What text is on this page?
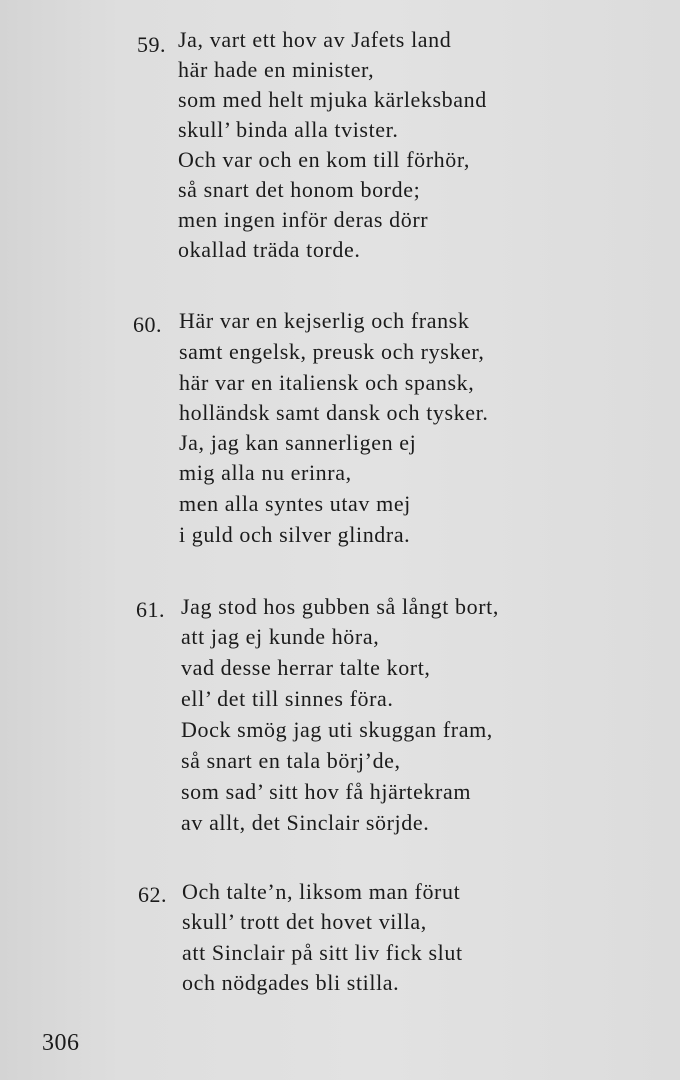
59. Ja, vart ett hov av Jafets land
här hade en minister,
som med helt mjuka kärleksband
skull’ binda alla tvister.
Och var och en kom till förhör,
så snart det honom borde;
men ingen inför deras dörr
okallad träda torde.
60. Här var en kejserlig och fransk
samt engelsk, preusk och rysker,
här var en italiensk och spansk,
holländsk samt dansk och tysker.
Ja, jag kan sannerligen ej
mig alla nu erinra,
men alla syntes utav mej
i guld och silver glindra.
61. Jag stod hos gubben så långt bort,
att jag ej kunde höra,
vad desse herrar talte kort,
ell’ det till sinnes föra.
Dock smög jag uti skuggan fram,
så snart en tala börj’de,
som sad’ sitt hov få hjärtekram
av allt, det Sinclair sörjde.
62. Och talte’n, liksom man förut
skull’ trott det hovet villa,
att Sinclair på sitt liv fick slut
och nödgades bli stilla.
306
